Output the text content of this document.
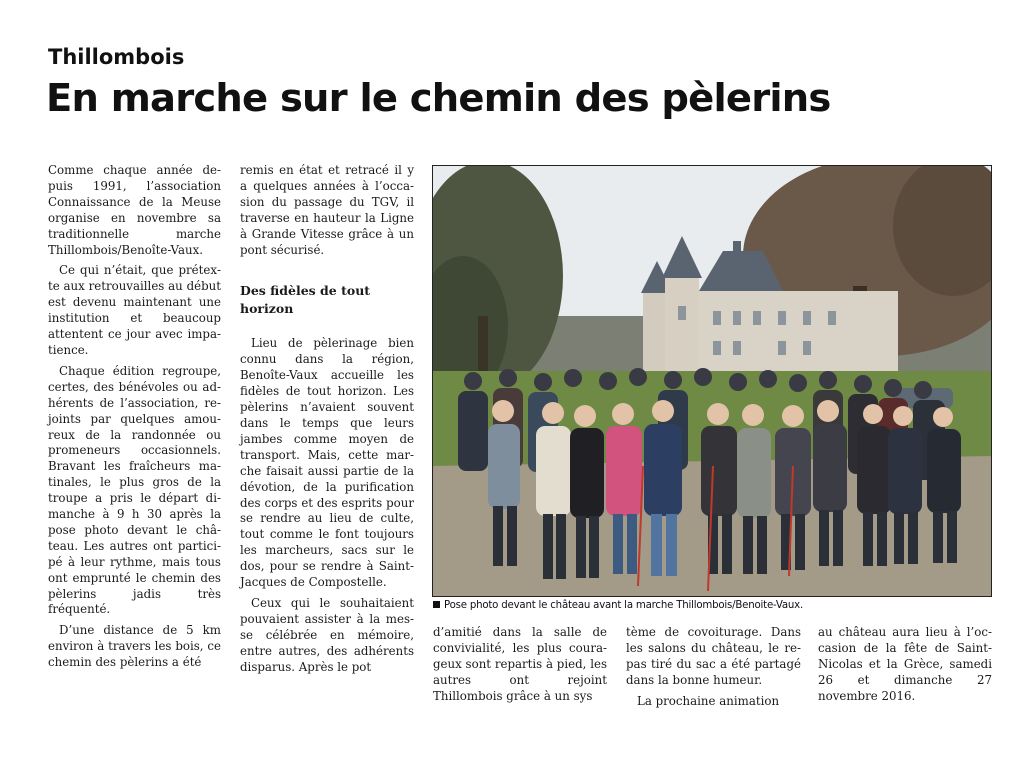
Thillombois
En marche sur le chemin des pèlerins

Comme chaque année depuis 1991, l’association Connaissance de la Meuse organise en novembre sa traditionnelle marche Thillombois/Benoîte-Vaux.

Ce qui n’était, que prétexte aux retrouvailles au début est devenu maintenant une institution et beaucoup attentent ce jour avec impatience.

Chaque édition regroupe, certes, des bénévoles ou adhérents de l’association, rejoints par quelques amoureux de la randonnée ou promeneurs occasionnels. Bravant les fraîcheurs matinales, le plus gros de la troupe a pris le départ dimanche à 9 h 30 après la pose photo devant le château. Les autres ont participé à leur rythme, mais tous ont emprunté le chemin des pèlerins jadis très fréquenté.

D’une distance de 5 km environ à travers les bois, ce chemin des pèlerins a été

remis en état et retracé il y a quelques années à l’occasion du passage du TGV, il traverse en hauteur la Ligne à Grande Vitesse grâce à un pont sécurisé.

Des fidèles de tout horizon

Lieu de pèlerinage bien connu dans la région, Benoîte-Vaux accueille les fidèles de tout horizon. Les pèlerins n’avaient souvent dans le temps que leurs jambes comme moyen de transport. Mais, cette marche faisait aussi partie de la dévotion, de la purification des corps et des esprits pour se rendre au lieu de culte, tout comme le font toujours les marcheurs, sacs sur le dos, pour se rendre à Saint-Jacques de Compostelle.

Ceux qui le souhaitaient pouvaient assister à la messe célébrée en mémoire, entre autres, des adhérents disparus. Après le pot

Pose photo devant le château avant la marche Thillombois/Benoite-Vaux.

d’amitié dans la salle de convivialité, les plus courageux sont repartis à pied, les autres ont rejoint Thillombois grâce à un sys

tème de covoiturage. Dans les salons du château, le repas tiré du sac a été partagé dans la bonne humeur.

La prochaine animation

au château aura lieu à l’occasion de la fête de Saint-Nicolas et la Grèce, samedi 26 et dimanche 27 novembre 2016.
